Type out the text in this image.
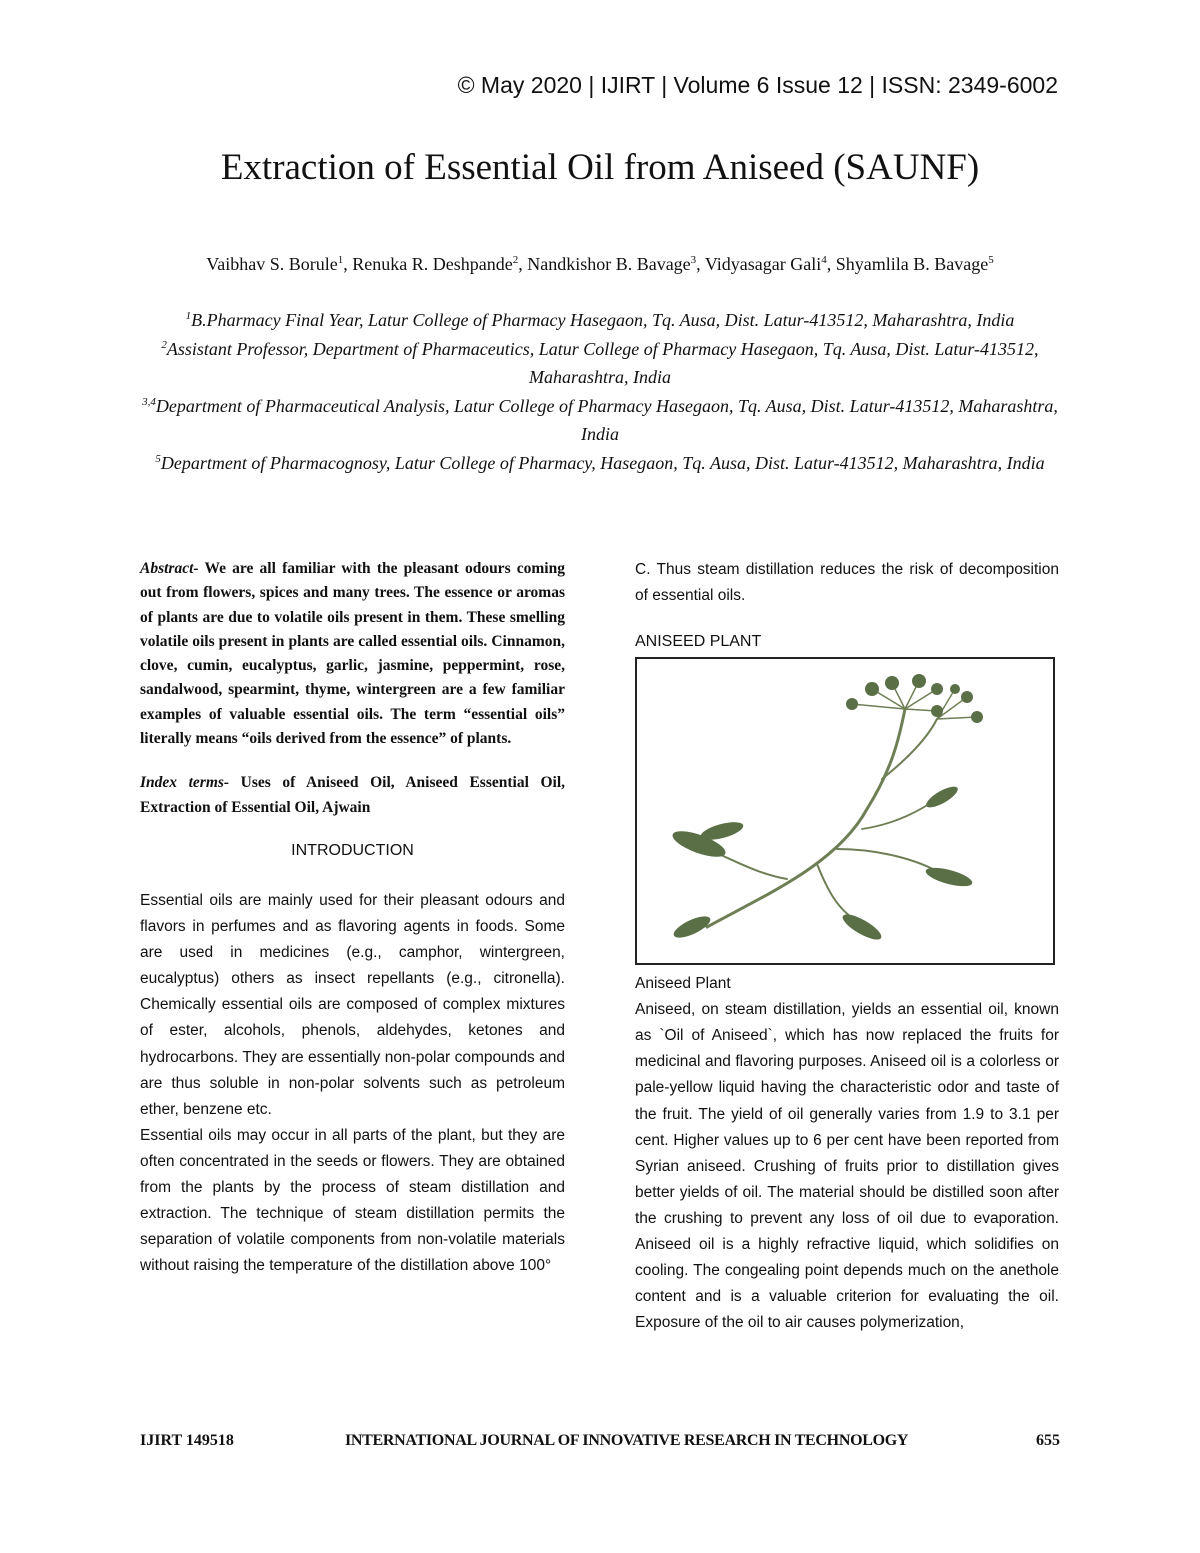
© May 2020 | IJIRT | Volume 6 Issue 12 | ISSN: 2349-6002
Extraction of Essential Oil from Aniseed (SAUNF)
Vaibhav S. Borule$^1$, Renuka R. Deshpande$^2$, Nandkishor B. Bavage$^3$, Vidyasagar Gali$^4$, Shyamlila B. Bavage$^5$

$^1$B.Pharmacy Final Year, Latur College of Pharmacy Hasegaon, Tq. Ausa, Dist. Latur-413512, Maharashtra, India

$^2$Assistant Professor, Department of Pharmaceutics, Latur College of Pharmacy Hasegaon, Tq. Ausa, Dist. Latur-413512, Maharashtra, India

$^{3,4}$Department of Pharmaceutical Analysis, Latur College of Pharmacy Hasegaon, Tq. Ausa, Dist. Latur-413512, Maharashtra, India

$^5$Department of Pharmacognosy, Latur College of Pharmacy, Hasegaon, Tq. Ausa, Dist. Latur-413512, Maharashtra, India

Abstract- We are all familiar with the pleasant odours coming out from flowers, spices and many trees. The essence or aromas of plants are due to volatile oils present in them. These smelling volatile oils present in plants are called essential oils. Cinnamon, clove, cumin, eucalyptus, garlic, jasmine, peppermint, rose, sandalwood, spearmint, thyme, wintergreen are a few familiar examples of valuable essential oils. The term “essential oils” literally means “oils derived from the essence” of plants.

Index terms- Uses of Aniseed Oil, Aniseed Essential Oil, Extraction of Essential Oil, Ajwain
INTRODUCTION

Essential oils are mainly used for their pleasant odours and flavors in perfumes and as flavoring agents in foods. Some are used in medicines (e.g., camphor, wintergreen, eucalyptus) others as insect repellants (e.g., citronella). Chemically essential oils are composed of complex mixtures of ester, alcohols, phenols, aldehydes, ketones and hydrocarbons. They are essentially non-polar compounds and are thus soluble in non-polar solvents such as petroleum ether, benzene etc.

Essential oils may occur in all parts of the plant, but they are often concentrated in the seeds or flowers. They are obtained from the plants by the process of steam distillation and extraction. The technique of steam distillation permits the separation of volatile components from non-volatile materials without raising the temperature of the distillation above 100°

C. Thus steam distillation reduces the risk of decomposition of essential oils.

ANISEED PLANT
Aniseed Plant

Aniseed, on steam distillation, yields an essential oil, known as `Oil of Aniseed`, which has now replaced the fruits for medicinal and flavoring purposes. Aniseed oil is a colorless or pale-yellow liquid having the characteristic odor and taste of the fruit. The yield of oil generally varies from 1.9 to 3.1 per cent. Higher values up to 6 per cent have been reported from Syrian aniseed. Crushing of fruits prior to distillation gives better yields of oil. The material should be distilled soon after the crushing to prevent any loss of oil due to evaporation. Aniseed oil is a highly refractive liquid, which solidifies on cooling. The congealing point depends much on the anethole content and is a valuable criterion for evaluating the oil. Exposure of the oil to air causes polymerization,

IJIRT 149518	INTERNATIONAL JOURNAL OF INNOVATIVE RESEARCH IN TECHNOLOGY	655
